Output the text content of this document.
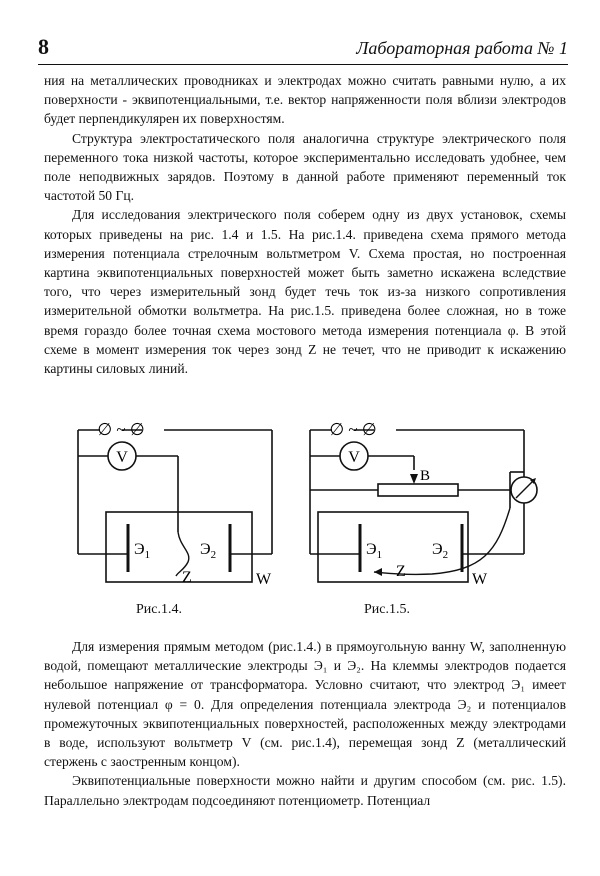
8	Лабораторная работа № 1

ния на металлических проводниках и электродах можно считать равными нулю, а их поверхности - эквипотенциальными, т.е. вектор напряженности поля вблизи электродов будет перпендикулярен их поверхностям.

Структура электростатического поля аналогична структуре электрического поля переменного тока низкой частоты, которое экспериментально исследовать удобнее, чем поле неподвижных зарядов. Поэтому в данной работе применяют переменный ток частотой 50 Гц.

Для исследования электрического поля соберем одну из двух установок, схемы которых приведены на рис. 1.4 и 1.5. На рис.1.4. приведена схема прямого метода измерения потенциала стрелочным вольтметром V. Схема простая, но построенная картина эквипотенциальных поверхностей может быть заметно искажена вследствие того, что через измерительный зонд будет течь ток из-за низкого сопротивления измерительной обмотки вольтметра. На рис.1.5. приведена более сложная, но в тоже время гораздо более точная схема мостового метода измерения потенциала φ. В этой схеме в момент измерения ток через зонд Z не течет, что не приводит к искажению картины силовых линий.

V
∅ ~ ∅
$Э_1$	$Э_2$
Z	W
V
∅ ~ ∅
B
$Э_1$	$Э_2$
Z	W
Рис.1.4.	Рис.1.5.

Для измерения прямым методом (рис.1.4.) в прямоугольную ванну W, заполненную водой, помещают металлические электроды Э₁ и Э₂. На клеммы электродов подается небольшое напряжение от трансформатора. Условно считают, что электрод Э₁ имеет нулевой потенциал φ = 0. Для определения потенциала электрода Э₂ и потенциалов промежуточных эквипотенциальных поверхностей, расположенных между электродами в воде, используют вольтметр V (см. рис.1.4), перемещая зонд Z (металлический стержень с заостренным концом).

Эквипотенциальные поверхности можно найти и другим способом (см. рис. 1.5). Параллельно электродам подсоединяют потенциометр. Потенциал
